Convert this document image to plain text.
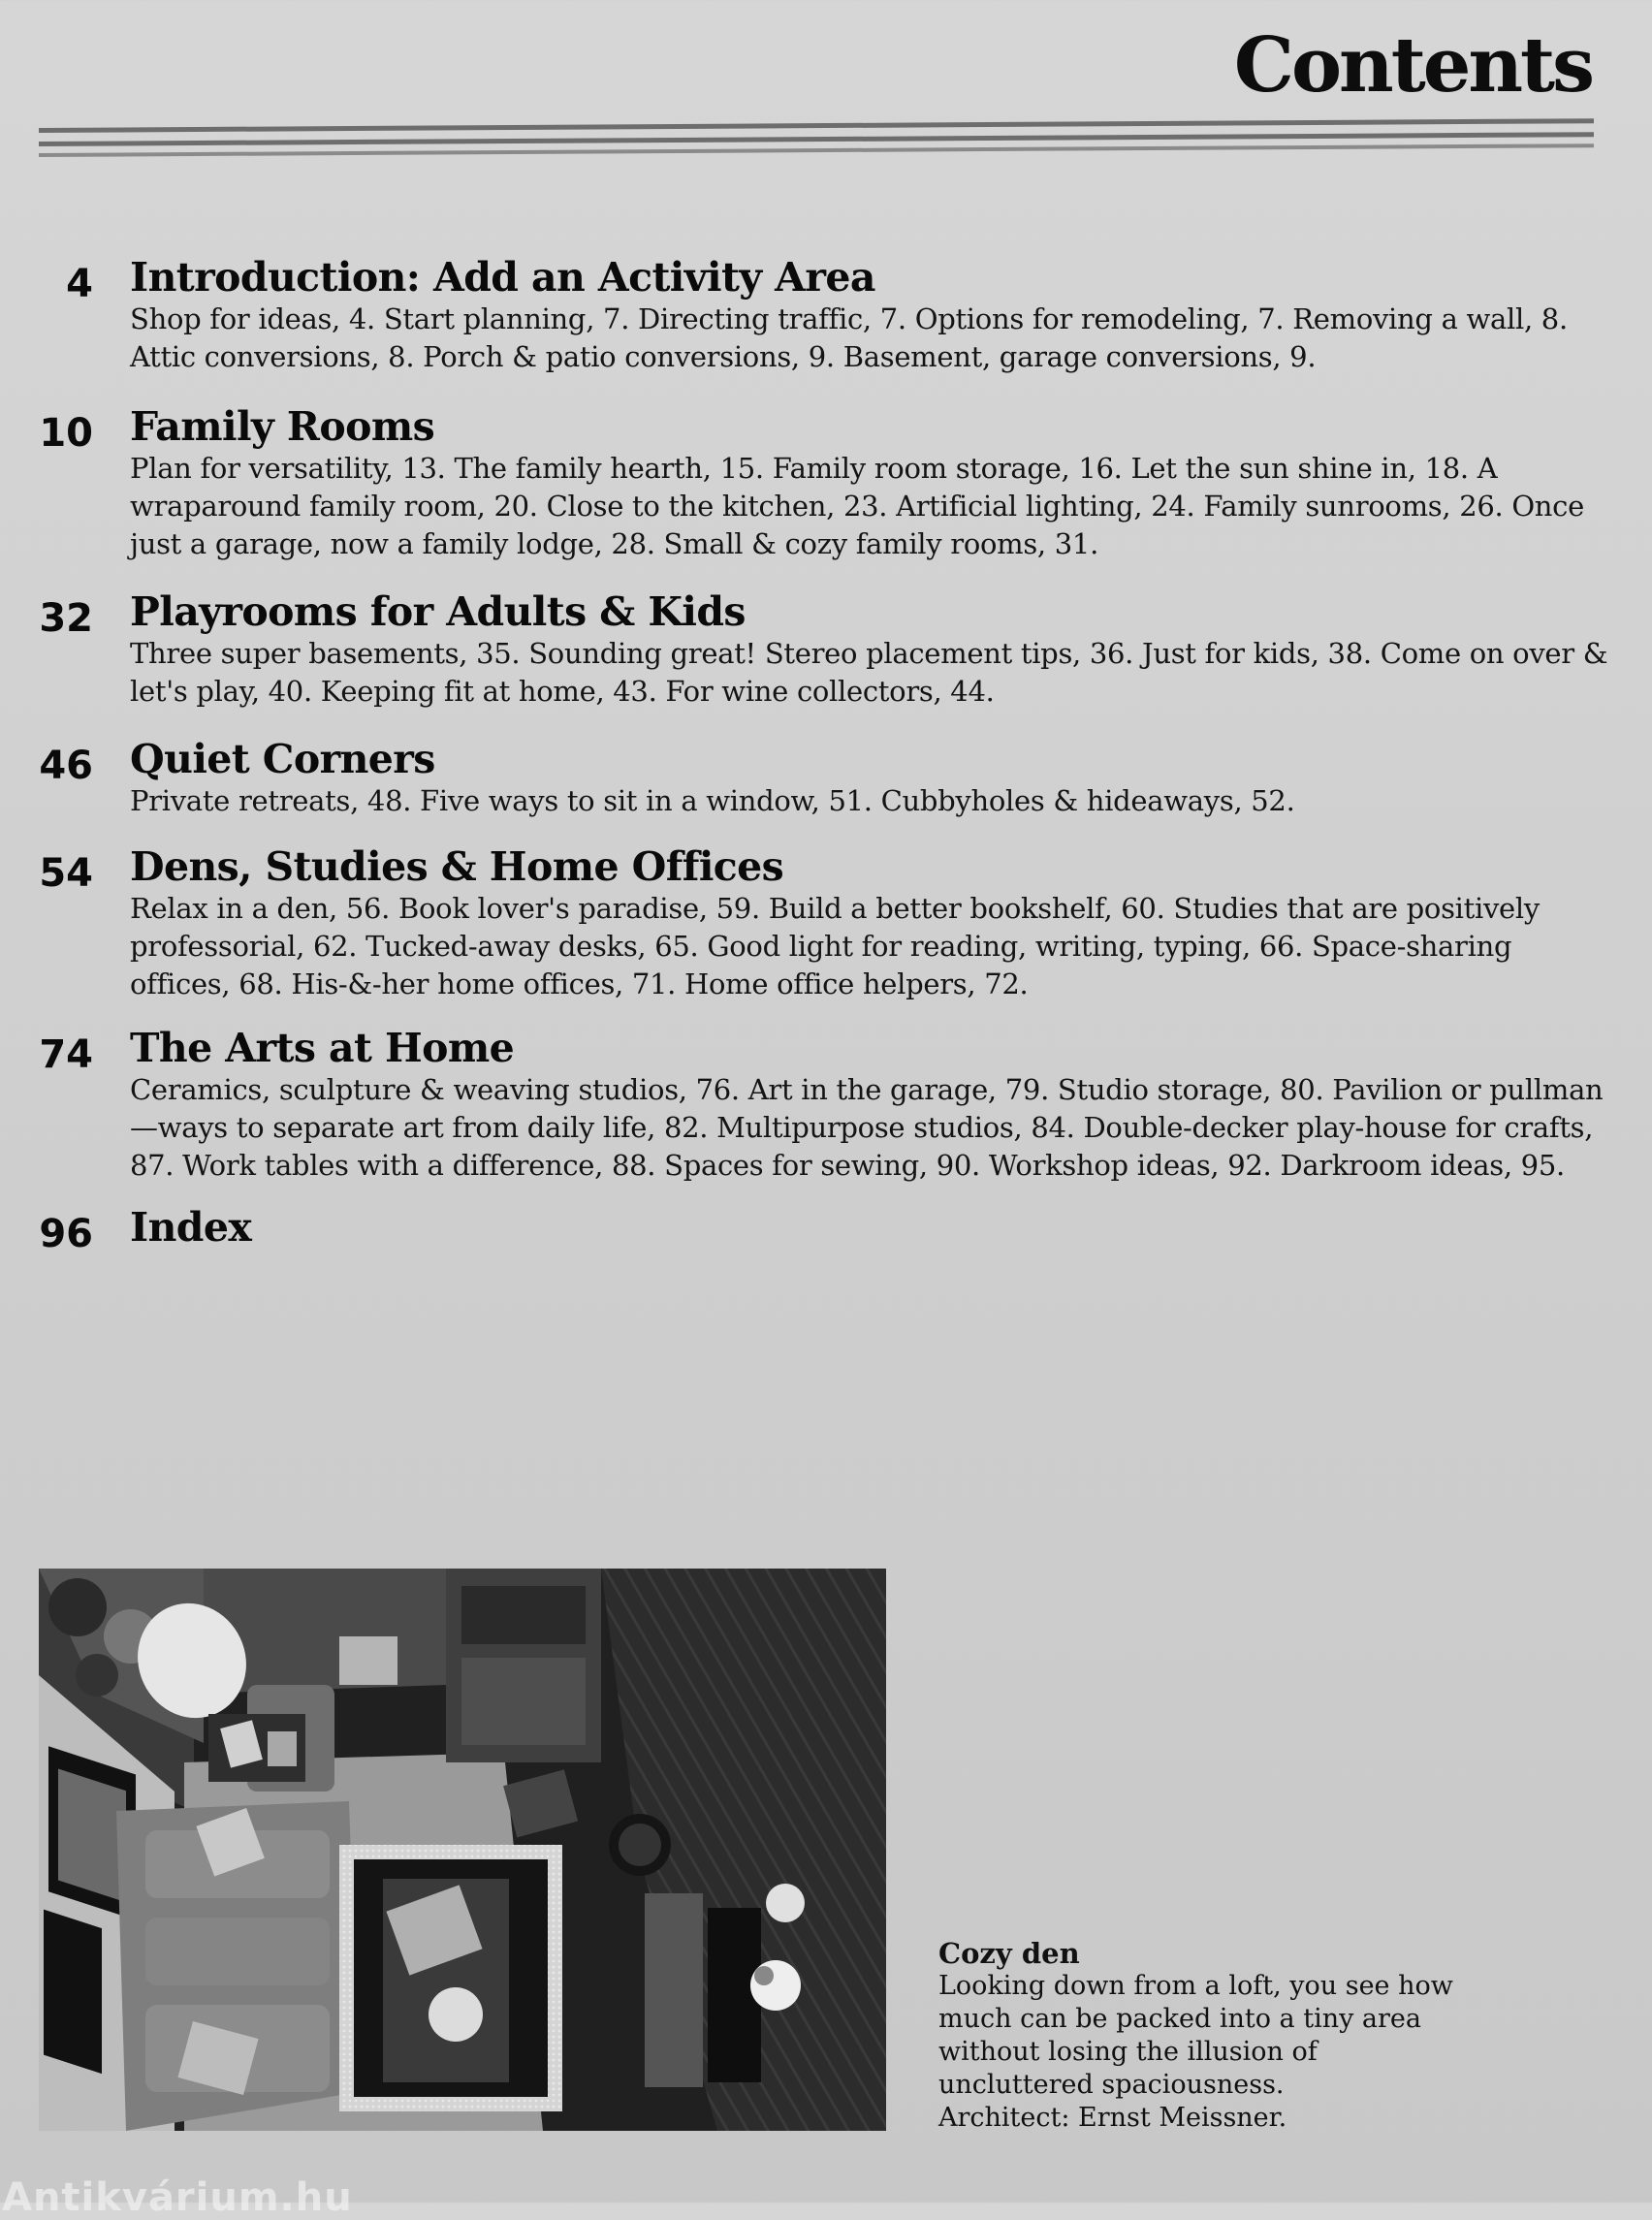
Contents
4 Introduction: Add an Activity Area
Shop for ideas, 4. Start planning, 7. Directing traffic, 7. Options for remodeling, 7. Removing a wall, 8. Attic conversions, 8. Porch & patio conversions, 9. Basement, garage conversions, 9.
10 Family Rooms
Plan for versatility, 13. The family hearth, 15. Family room storage, 16. Let the sun shine in, 18. A wraparound family room, 20. Close to the kitchen, 23. Artificial lighting, 24. Family sunrooms, 26. Once just a garage, now a family lodge, 28. Small & cozy family rooms, 31.
32 Playrooms for Adults & Kids
Three super basements, 35. Sounding great! Stereo placement tips, 36. Just for kids, 38. Come on over & let's play, 40. Keeping fit at home, 43. For wine collectors, 44.
46 Quiet Corners
Private retreats, 48. Five ways to sit in a window, 51. Cubbyholes & hideaways, 52.
54 Dens, Studies & Home Offices
Relax in a den, 56. Book lover's paradise, 59. Build a better bookshelf, 60. Studies that are positively professorial, 62. Tucked-away desks, 65. Good light for reading, writing, typing, 66. Space-sharing offices, 68. His-&-her home offices, 71. Home office helpers, 72.
74 The Arts at Home
Ceramics, sculpture & weaving studios, 76. Art in the garage, 79. Studio storage, 80. Pavilion or pullman—ways to separate art from daily life, 82. Multipurpose studios, 84. Double-decker play-house for crafts, 87. Work tables with a difference, 88. Spaces for sewing, 90. Workshop ideas, 92. Darkroom ideas, 95.
96 Index
Cozy den
Looking down from a loft, you see how much can be packed into a tiny area without losing the illusion of uncluttered spaciousness.
Architect: Ernst Meissner.
Antikvárium.hu
